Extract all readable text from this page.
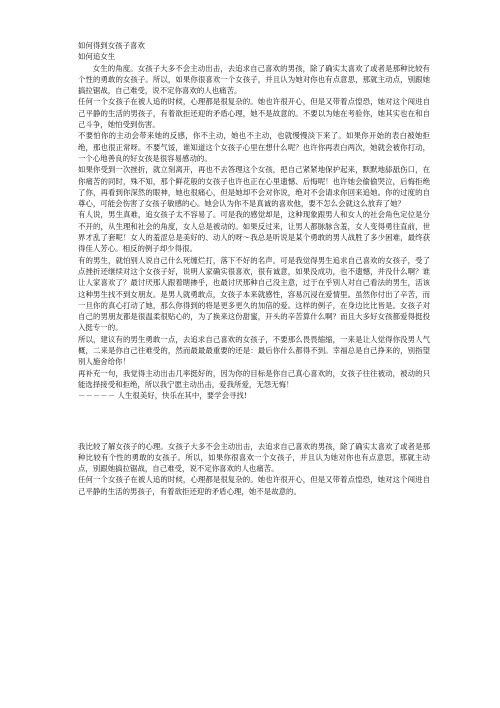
如何得到女孩子喜欢

如何追女生

女生的角度。女孩子大多不会主动出击，去追求自己喜欢的男孩，除了确实太喜欢了或者是那种比较有个性的勇敢的女孩子。所以，如果你很喜欢一个女孩子，并且认为她对你也有点意思，那就主动点，别跟她搞拉锯战，自己难受，说不定你喜欢的人也痛苦。

任何一个女孩子在被人追的时候，心理都是很复杂的。她也许很开心，但是又带着点惶恐，她对这个闯进自己平静的生活的男孩子，有着欲拒还迎的矛盾心理，她不是故意的。不要以为她在考验你，她其实也在和自己斗争，她怕受到伤害。

不要怕你的主动会带来她的反感，你不主动，她也不主动，也就慢慢淡下来了。如果你开始的表白被她拒绝，那也很正常呀。不要气馁，谁知道这个女孩子心里在想什么呢？也许你再表白两次，她就会被你打动，一个心地善良的好女孩是很容易感动的。

如果你受到一次挫折，就立刻离开，再也不去答理这个女孩，把自己紧紧地保护起来，默默地舔舐伤口，在你痛苦的同时，殊不知，那个鲜花般的女孩子也许也正在心里遗憾、后悔呢！也许她会偷偷哭泣，后悔拒绝了你，再看到你深然的眼神，她也很痛心，但是她却不会对你说，绝对不会请求你回来追她。你的过度的自尊心，可能会伤害了女孩子敏感的心。她会认为你不是真诚的喜欢他，要不怎么会就这么放弃了她？

有人说，男生真难，追女孩子太不容易了。可是我的感觉却是，这种现象跟男人和女人的社会角色定位是分不开的，从生理和社会的角度，女人总是被动的。如果反过来，让男人都脉脉含羞，女人变得勇往直前，世界才乱了套呢！女人的羞涩总是美好的、动人的呀～我总是听说是某个勇敢的男人战胜了多少困难，最终获得佳人芳心。相反的例子却少得很。

有的男生，就怕别人说自己什么死缠烂打，落下不好的名声。可是我觉得男生追求自己喜欢的女孩子，受了点挫折还继续对这个女孩子好，说明人家确实很喜欢，很有诚意，如果没成功，也不遗憾，并没什么啊？谁让人家喜欢了？最讨厌那人跟着瞎掺乎，也最讨厌那种自己没主意，过于在乎别人对自己看法的男生，活该这种男生找不到女朋友。是男人就勇敢点，女孩子本来就感性，容易沉浸在爱情里。虽然你付出了辛苦，而一旦你的真心打动了她，那么你得到的将是更多更久的加倍的爱。这样的例子，在身边比比皆是。女孩子对自己的男朋友都是很温柔很贴心的，为了换来这份甜蜜，开头的辛苦算什么啊？而且大多好女孩都爱得挺投入挺专一的。

所以，建议有的男生勇敢一点，去追求自己喜欢的女孩子，不要那么畏畏缩缩，一来是让人觉得你没男人气概，二来是你自己往难受的，然而最最最重要的还是：最后你什么都得不到。幸福总是自己挣来的，别指望别人施舍给你！

再补充一句，我觉得主动出击几率挺好的，因为你的目标是你自己真心喜欢的，女孩子往往被动，被动的只能选择接受和拒绝，所以我宁愿主动出击，爱我所爱，无怨无悔！

－－－－－ 人生很美好，快乐在其中，要学会寻找!

我比较了解女孩子的心理。女孩子大多不会主动出击，去追求自己喜欢的男孩，除了确实太喜欢了或者是那种比较有个性的勇敢的女孩子。所以，如果你很喜欢一个女孩子，并且认为她对你也有点意思，那就主动点，别跟她搞拉锯战，自己难受，说不定你喜欢的人也痛苦。

任何一个女孩子在被人追的时候，心理都是很复杂的。她也许很开心，但是又带着点惶恐，她对这个闯进自己平静的生活的男孩子，有着欲拒还迎的矛盾心理，她不是故意的。
